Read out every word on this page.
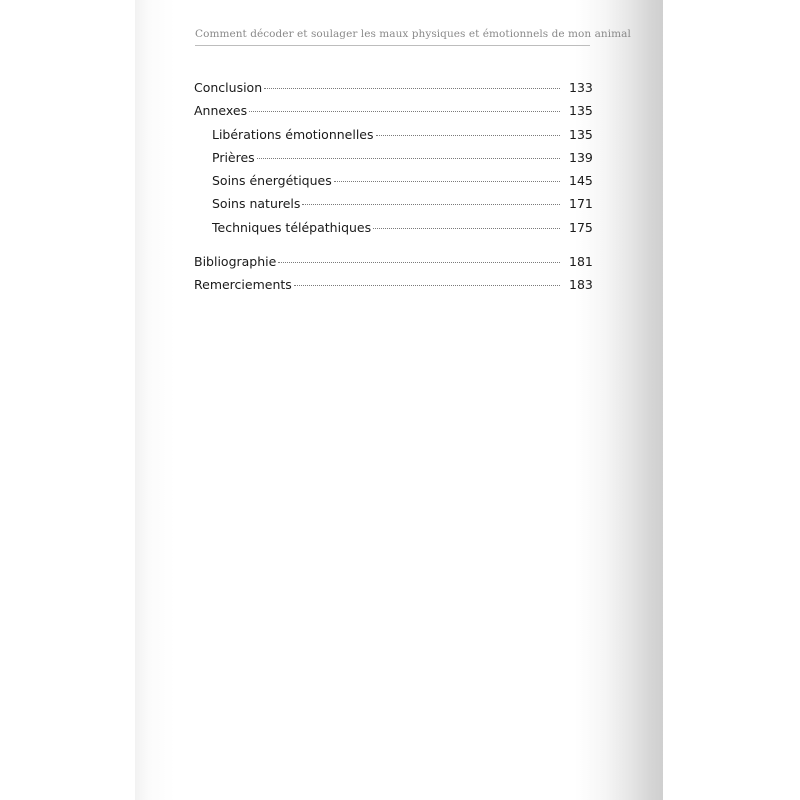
Comment décoder et soulager les maux physiques et émotionnels de mon animal
Conclusion	133
Annexes	135
Libérations émotionnelles	135
Prières	139
Soins énergétiques	145
Soins naturels	171
Techniques télépathiques	175
Bibliographie	181
Remerciements	183
